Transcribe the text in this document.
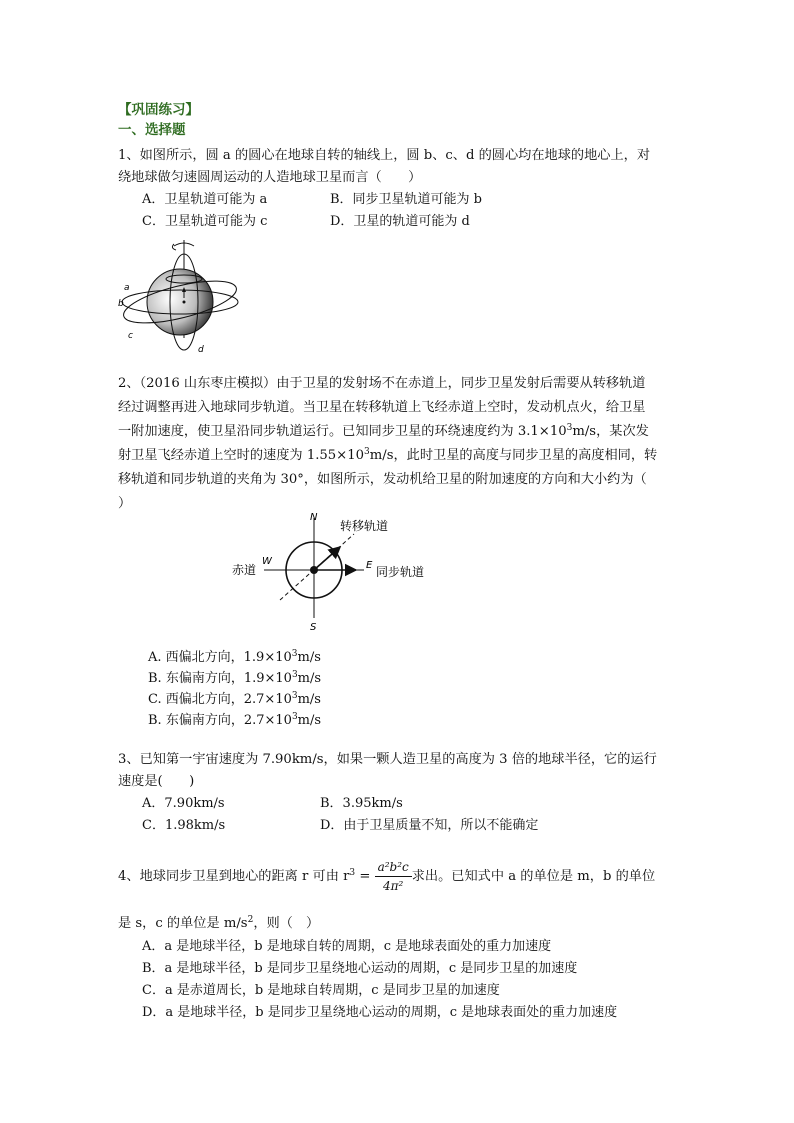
【巩固练习】
一、选择题
1、如图所示，圆 a 的圆心在地球自转的轴线上，圆 b、c、d 的圆心均在地球的地心上，对
绕地球做匀速圆周运动的人造地球卫星而言（　　）
A．卫星轨道可能为 a	B．同步卫星轨道可能为 b
C．卫星轨道可能为 c	D．卫星的轨道可能为 d
a
b
c
d
2、（2016 山东枣庄模拟）由于卫星的发射场不在赤道上，同步卫星发射后需要从转移轨道
经过调整再进入地球同步轨道。当卫星在转移轨道上飞经赤道上空时，发动机点火，给卫星
一附加速度，使卫星沿同步轨道运行。已知同步卫星的环绕速度约为 $3.1\times 10^3m/s$，某次发
射卫星飞经赤道上空时的速度为 $1.55\times 10^3m/s$，此时卫星的高度与同步卫星的高度相同，转
移轨道和同步轨道的夹角为 30°，如图所示，发动机给卫星的附加速度的方向和大小约为（
）
N
S
W	E
赤道
转移轨道
同步轨道
A. 西偏北方向，$1.9\times 10^3m/s$
B. 东偏南方向，$1.9\times 10^3m/s$
C. 西偏北方向，$2.7\times 10^3m/s$
B. 东偏南方向，$2.7\times 10^3m/s$
3、已知第一宇宙速度为 7.90km/s，如果一颗人造卫星的高度为 3 倍的地球半径，它的运行
速度是(　　)
A．7.90km/s	B．3.95km/s
C．1.98km/s	D．由于卫星质量不知，所以不能确定
4、地球同步卫星到地心的距离 r 可由 $r^3 = \frac{\text{a²b²c}}{\text{4π²}}$ 求出。已知式中 a 的单位是 m，b 的单位
是 s，c 的单位是 $m/s^2$，则（　）
A．a 是地球半径，b 是地球自转的周期，c 是地球表面处的重力加速度
B．a 是地球半径，b 是同步卫星绕地心运动的周期，c 是同步卫星的加速度
C．a 是赤道周长，b 是地球自转周期，c 是同步卫星的加速度
D．a 是地球半径，b 是同步卫星绕地心运动的周期，c 是地球表面处的重力加速度
